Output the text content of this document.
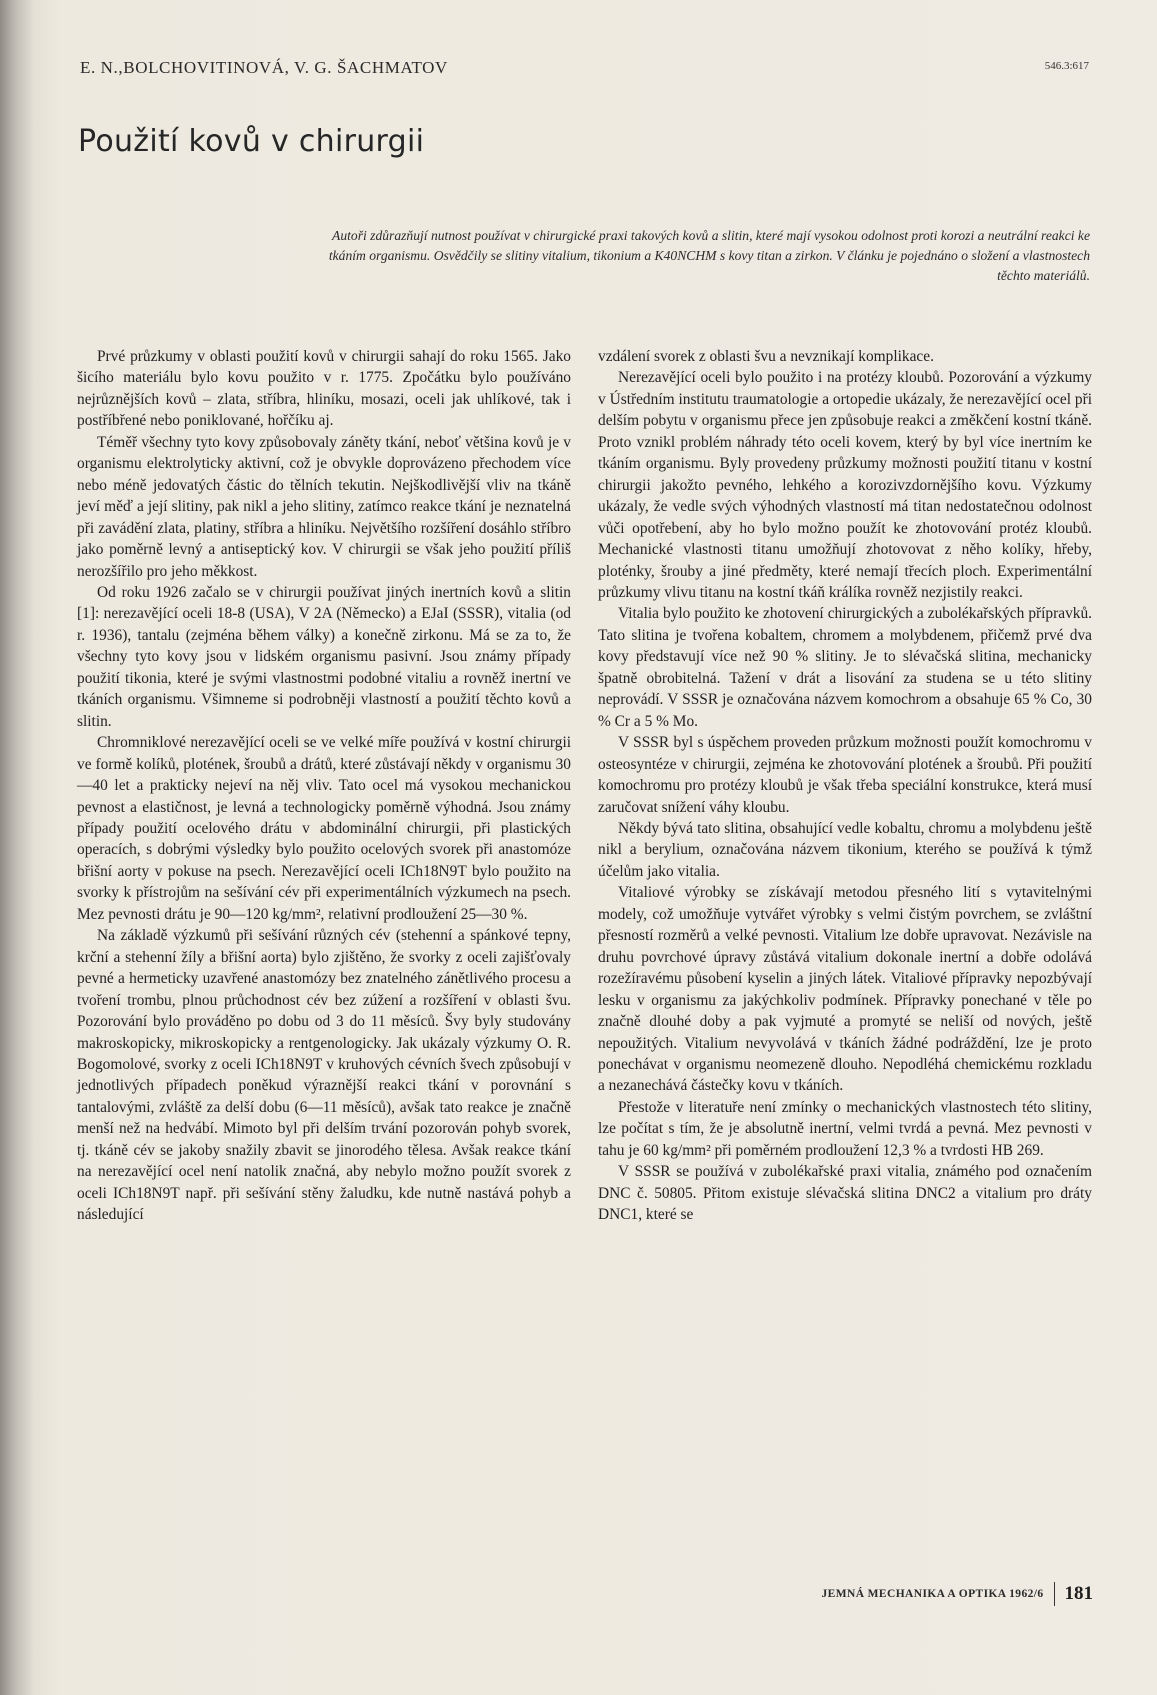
E. N.,BOLCHOVITINOVÁ, V. G. ŠACHMATOV	546.3:617
Použití kovů v chirurgii
Autoři zdůrazňují nutnost používat v chirurgické praxi takových kovů a slitin, které mají vysokou odolnost proti korozi a neutrální reakci ke tkáním organismu. Osvědčily se slitiny vitalium, tikonium a K40NCHM s kovy titan a zirkon. V článku je pojednáno o složení a vlastnostech těchto materiálů.

Prvé průzkumy v oblasti použití kovů v chirurgii sahají do roku 1565. Jako šicího materiálu bylo kovu použito v r. 1775. Zpočátku bylo používáno nejrůznějších kovů – zlata, stříbra, hliníku, mosazi, oceli jak uhlíkové, tak i postříbřené nebo poniklované, hořčíku aj.

Téměř všechny tyto kovy způsobovaly záněty tkání, neboť většina kovů je v organismu elektrolyticky aktivní, což je obvykle doprovázeno přechodem více nebo méně jedovatých částic do tělních tekutin. Nejškodlivější vliv na tkáně jeví měď a její slitiny, pak nikl a jeho slitiny, zatímco reakce tkání je neznatelná při zavádění zlata, platiny, stříbra a hliníku. Největšího rozšíření dosáhlo stříbro jako poměrně levný a antiseptický kov. V chirurgii se však jeho použití příliš nerozšířilo pro jeho měkkost.

Od roku 1926 začalo se v chirurgii používat jiných inertních kovů a slitin [1]: nerezavějící oceli 18-8 (USA), V 2A (Německo) a EJaI (SSSR), vitalia (od r. 1936), tantalu (zejména během války) a konečně zirkonu. Má se za to, že všechny tyto kovy jsou v lidském organismu pasivní. Jsou známy případy použití tikonia, které je svými vlastnostmi podobné vitaliu a rovněž inertní ve tkáních organismu. Všimneme si podrobněji vlastností a použití těchto kovů a slitin.

Chromniklové nerezavějící oceli se ve velké míře používá v kostní chirurgii ve formě kolíků, plotének, šroubů a drátů, které zůstávají někdy v organismu 30—40 let a prakticky nejeví na něj vliv. Tato ocel má vysokou mechanickou pevnost a elastičnost, je levná a technologicky poměrně výhodná. Jsou známy případy použití ocelového drátu v abdominální chirurgii, při plastických operacích, s dobrými výsledky bylo použito ocelových svorek při anastomóze břišní aorty v pokuse na psech. Nerezavějící oceli ICh18N9T bylo použito na svorky k přístrojům na sešívání cév při experimentálních výzkumech na psech. Mez pevnosti drátu je 90—120 kg/mm², relativní prodloužení 25—30 %.

Na základě výzkumů při sešívání různých cév (stehenní a spánkové tepny, krční a stehenní žíly a břišní aorta) bylo zjištěno, že svorky z oceli zajišťovaly pevné a hermeticky uzavřené anastomózy bez znatelného zánětlivého procesu a tvoření trombu, plnou průchodnost cév bez zúžení a rozšíření v oblasti švu. Pozorování bylo prováděno po dobu od 3 do 11 měsíců. Švy byly studovány makroskopicky, mikroskopicky a rentgenologicky. Jak ukázaly výzkumy O. R. Bogomolové, svorky z oceli ICh18N9T v kruhových cévních švech způsobují v jednotlivých případech poněkud výraznější reakci tkání v porovnání s tantalovými, zvláště za delší dobu (6—11 měsíců), avšak tato reakce je značně menší než na hedvábí. Mimoto byl při delším trvání pozorován pohyb svorek, tj. tkáně cév se jakoby snažily zbavit se jinorodého tělesa. Avšak reakce tkání na nerezavějící ocel není natolik značná, aby nebylo možno použít svorek z oceli ICh18N9T např. při sešívání stěny žaludku, kde nutně nastává pohyb a následující

vzdálení svorek z oblasti švu a nevznikají komplikace.

Nerezavějící oceli bylo použito i na protézy kloubů. Pozorování a výzkumy v Ústředním institutu traumatologie a ortopedie ukázaly, že nerezavějící ocel při delším pobytu v organismu přece jen způsobuje reakci a změkčení kostní tkáně. Proto vznikl problém náhrady této oceli kovem, který by byl více inertním ke tkáním organismu. Byly provedeny průzkumy možnosti použití titanu v kostní chirurgii jakožto pevného, lehkého a korozivzdornějšího kovu. Výzkumy ukázaly, že vedle svých výhodných vlastností má titan nedostatečnou odolnost vůči opotřebení, aby ho bylo možno použít ke zhotovování protéz kloubů. Mechanické vlastnosti titanu umožňují zhotovovat z něho kolíky, hřeby, ploténky, šrouby a jiné předměty, které nemají třecích ploch. Experimentální průzkumy vlivu titanu na kostní tkáň králíka rovněž nezjistily reakci.

Vitalia bylo použito ke zhotovení chirurgických a zubolékařských přípravků. Tato slitina je tvořena kobaltem, chromem a molybdenem, přičemž prvé dva kovy představují více než 90 % slitiny. Je to slévačská slitina, mechanicky špatně obrobitelná. Tažení v drát a lisování za studena se u této slitiny neprovádí. V SSSR je označována názvem komochrom a obsahuje 65 % Co, 30 % Cr a 5 % Mo.

V SSSR byl s úspěchem proveden průzkum možnosti použít komochromu v osteosyntéze v chirurgii, zejména ke zhotovování plotének a šroubů. Při použití komochromu pro protézy kloubů je však třeba speciální konstrukce, která musí zaručovat snížení váhy kloubu.

Někdy bývá tato slitina, obsahující vedle kobaltu, chromu a molybdenu ještě nikl a berylium, označována názvem tikonium, kterého se používá k týmž účelům jako vitalia.

Vitaliové výrobky se získávají metodou přesného lití s vytavitelnými modely, což umožňuje vytvářet výrobky s velmi čistým povrchem, se zvláštní přesností rozměrů a velké pevnosti. Vitalium lze dobře upravovat. Nezávisle na druhu povrchové úpravy zůstává vitalium dokonale inertní a dobře odolává rozežíravému působení kyselin a jiných látek. Vitaliové přípravky nepozbývají lesku v organismu za jakýchkoliv podmínek. Přípravky ponechané v těle po značně dlouhé doby a pak vyjmuté a promyté se neliší od nových, ještě nepoužitých. Vitalium nevyvolává v tkáních žádné podráždění, lze je proto ponechávat v organismu neomezeně dlouho. Nepodléhá chemickému rozkladu a nezanechává částečky kovu v tkáních.

Přestože v literatuře není zmínky o mechanických vlastnostech této slitiny, lze počítat s tím, že je absolutně inertní, velmi tvrdá a pevná. Mez pevnosti v tahu je 60 kg/mm² při poměrném prodloužení 12,3 % a tvrdosti HB 269.

V SSSR se používá v zubolékařské praxi vitalia, známého pod označením DNC č. 50805. Přitom existuje slévačská slitina DNC2 a vitalium pro dráty DNC1, které se

JEMNÁ MECHANIKA A OPTIKA 1962/6 181
